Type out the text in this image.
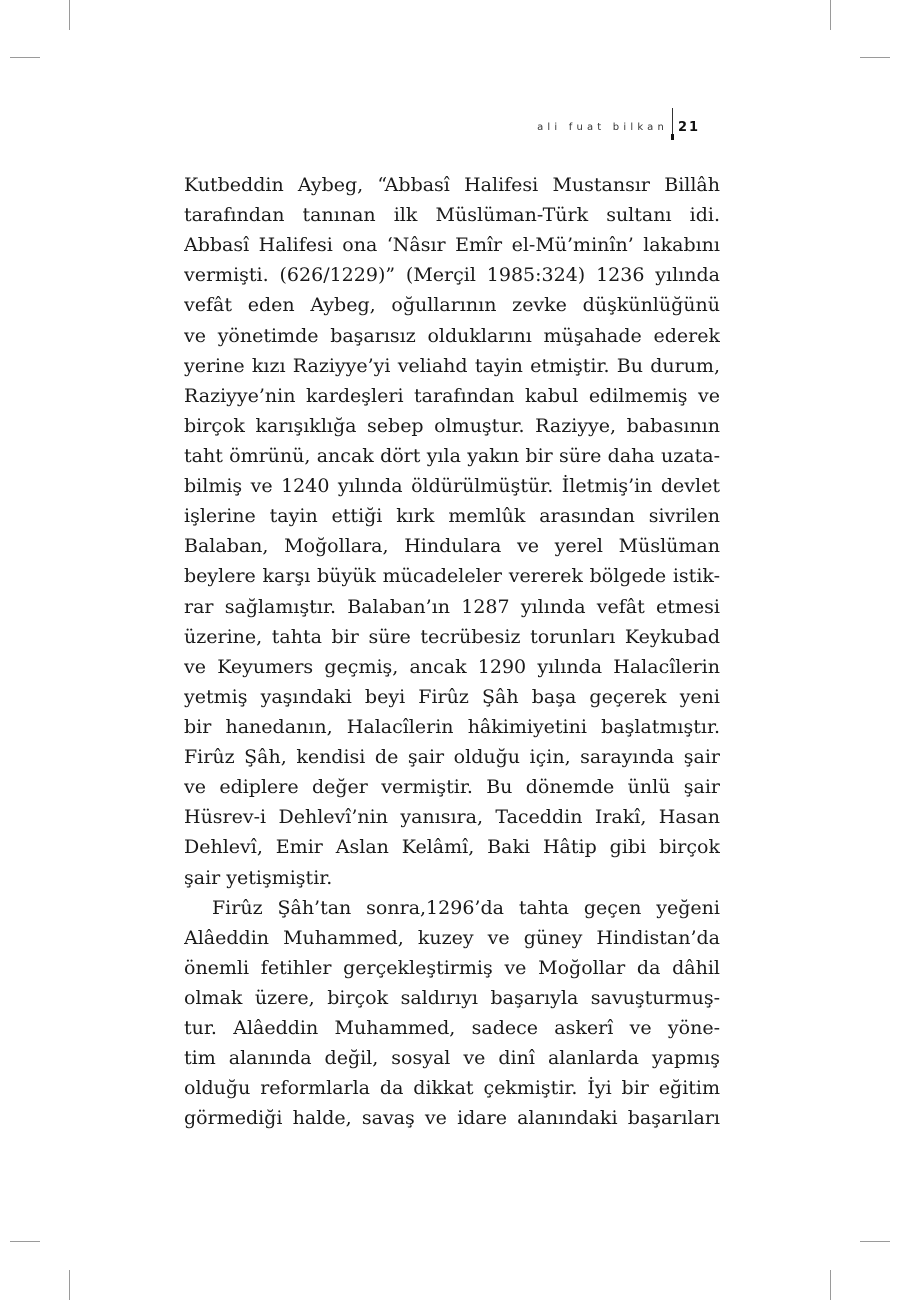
ali fuat bilkan 21
Kutbeddin Aybeg, “Abbasî Halifesi Mustansır Billâh
tarafından tanınan ilk Müslüman-Türk sultanı idi.
Abbasî Halifesi ona ‘Nâsır Emîr el-Mü’minîn’ lakabını
vermişti. (626/1229)” (Merçil 1985:324) 1236 yılında
vefât eden Aybeg, oğullarının zevke düşkünlüğünü
ve yönetimde başarısız olduklarını müşahade ederek
yerine kızı Raziyye’yi veliahd tayin etmiştir. Bu durum,
Raziyye’nin kardeşleri tarafından kabul edilmemiş ve
birçok karışıklığa sebep olmuştur. Raziyye, babasının
taht ömrünü, ancak dört yıla yakın bir süre daha uzata-
bilmiş ve 1240 yılında öldürülmüştür. İletmiş’in devlet
işlerine tayin ettiği kırk memlûk arasından sivrilen
Balaban, Moğollara, Hindulara ve yerel Müslüman
beylere karşı büyük mücadeleler vererek bölgede istik-
rar sağlamıştır. Balaban’ın 1287 yılında vefât etmesi
üzerine, tahta bir süre tecrübesiz torunları Keykubad
ve Keyumers geçmiş, ancak 1290 yılında Halacîlerin
yetmiş yaşındaki beyi Firûz Şâh başa geçerek yeni
bir hanedanın, Halacîlerin hâkimiyetini başlatmıştır.
Firûz Şâh, kendisi de şair olduğu için, sarayında şair
ve ediplere değer vermiştir. Bu dönemde ünlü şair
Hüsrev-i Dehlevî’nin yanısıra, Taceddin Irakî, Hasan
Dehlevî, Emir Aslan Kelâmî, Baki Hâtip gibi birçok
şair yetişmiştir.
Firûz Şâh’tan sonra,1296’da tahta geçen yeğeni
Alâeddin Muhammed, kuzey ve güney Hindistan’da
önemli fetihler gerçekleştirmiş ve Moğollar da dâhil
olmak üzere, birçok saldırıyı başarıyla savuşturmuş-
tur. Alâeddin Muhammed, sadece askerî ve yöne-
tim alanında değil, sosyal ve dinî alanlarda yapmış
olduğu reformlarla da dikkat çekmiştir. İyi bir eğitim
görmediği halde, savaş ve idare alanındaki başarıları
